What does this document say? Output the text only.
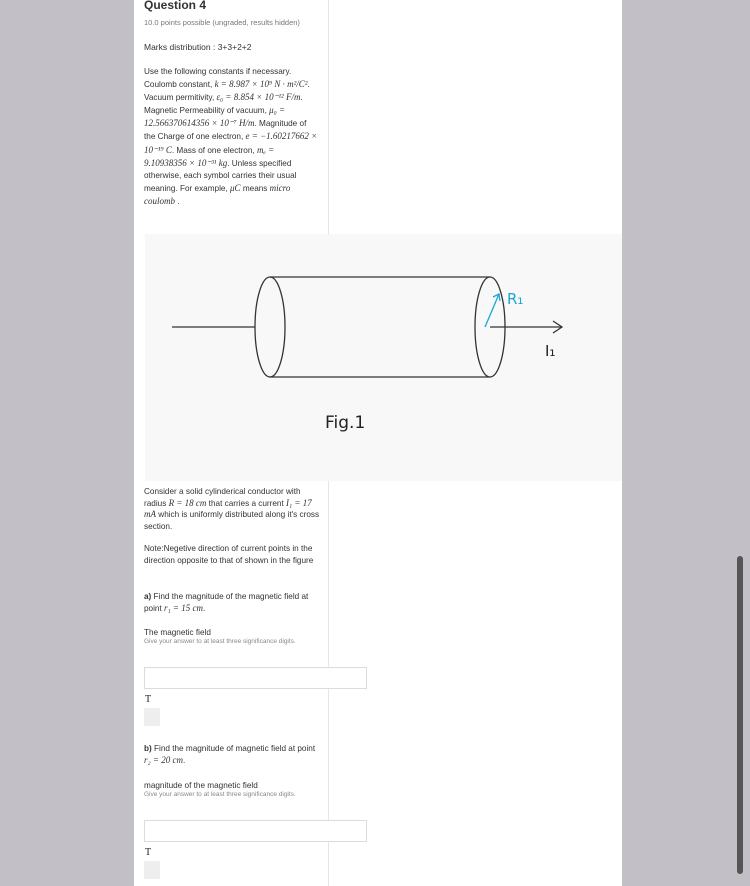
Question 4
10.0 points possible (ungraded, results hidden)
Marks distribution : 3+3+2+2
Use the following constants if necessary. Coulomb constant, k = 8.987 × 10⁹ N · m²/C². Vacuum permitivity, ε₀ = 8.854 × 10⁻¹² F/m. Magnetic Permeability of vacuum, μ₀ = 12.566370614356 × 10⁻⁷ H/m. Magnitude of the Charge of one electron, e = −1.60217662 × 10⁻¹⁹ C. Mass of one electron, mₑ = 9.10938356 × 10⁻³¹ kg. Unless specified otherwise, each symbol carries their usual meaning. For example, μC means micro coulomb .
R₁
I₁
Fig.1
Consider a solid cylinderical conductor with radius R = 18 cm that carries a current I₁ = 17 mA which is uniformly distributed along it's cross section.
Note:Negetive direction of current points in the direction opposite to that of shown in the figure
a) Find the magnitude of the magnetic field at point r₁ = 15 cm.
The magnetic field
Give your answer to at least three significance digits.
T
b) Find the magnitude of magnetic field at point r₂ = 20 cm.
magnitude of the magnetic field
Give your answer to at least three significance digits.
T
